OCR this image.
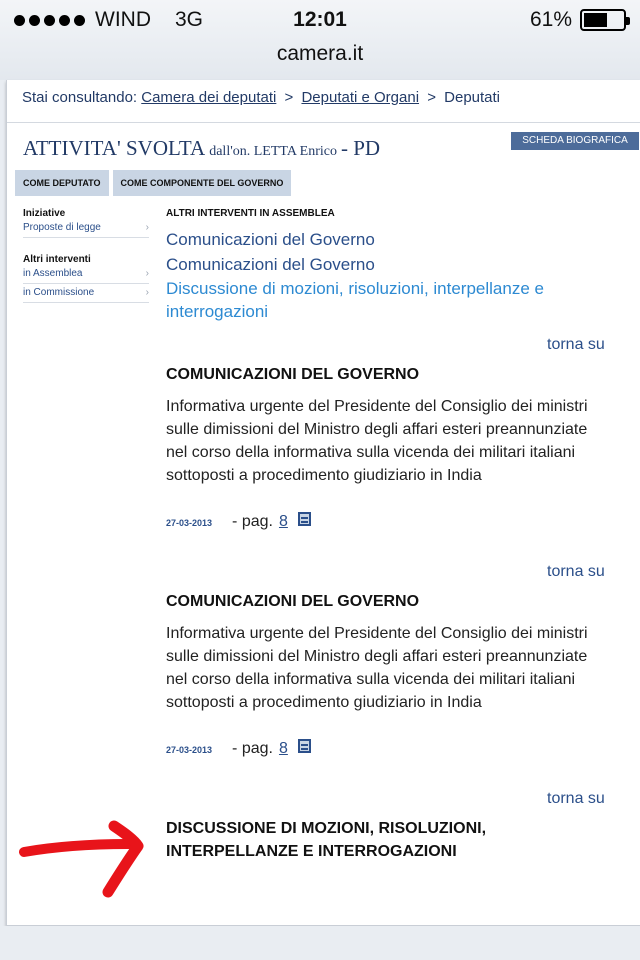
WIND 3G	12:01	61%
camera.it
Stai consultando: Camera dei deputati > Deputati e Organi > Deputati
ATTIVITA' SVOLTA dall'on. LETTA Enrico - PD	SCHEDA BIOGRAFICA
COME DEPUTATO	COME COMPONENTE DEL GOVERNO
Iniziative
Proposte di legge	›
Altri interventi
in Assemblea	›
in Commissione	›
ALTRI INTERVENTI IN ASSEMBLEA
Comunicazioni del Governo
Comunicazioni del Governo
Discussione di mozioni, risoluzioni, interpellanze e interrogazioni
torna su
COMUNICAZIONI DEL GOVERNO
Informativa urgente del Presidente del Consiglio dei ministri sulle dimissioni del Ministro degli affari esteri preannunziate nel corso della informativa sulla vicenda dei militari italiani sottoposti a procedimento giudiziario in India
27-03-2013 - pag. 8
torna su
COMUNICAZIONI DEL GOVERNO
Informativa urgente del Presidente del Consiglio dei ministri sulle dimissioni del Ministro degli affari esteri preannunziate nel corso della informativa sulla vicenda dei militari italiani sottoposti a procedimento giudiziario in India
27-03-2013 - pag. 8
torna su
DISCUSSIONE DI MOZIONI, RISOLUZIONI, INTERPELLANZE E INTERROGAZIONI
